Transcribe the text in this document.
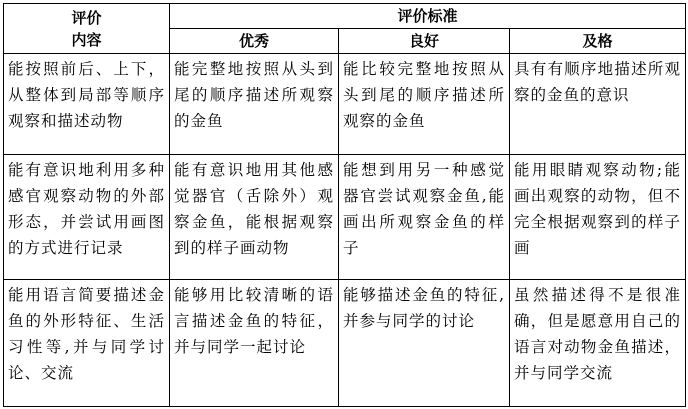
评价
内容	评价标准		
	优秀	良好	及格
能按照前后、上下，从整体到局部等顺序观察和描述动物	能完整地按照从头到尾的顺序描述所观察的金鱼	能比较完整地按照从头到尾的顺序描述所观察的金鱼	具有有顺序地描述所观察的金鱼的意识
能有意识地利用多种感官观察动物的外部形态，并尝试用画图的方式进行记录	能有意识地用其他感觉器官（舌除外）观察金鱼，能根据观察到的样子画动物	能想到用另一种感觉器官尝试观察金鱼,能画出所观察金鱼的样子	能用眼睛观察动物;能画出观察的动物，但不完全根据观察到的样子画
能用语言简要描述金鱼的外形特征、生活习性等,并与同学讨论、交流	能够用比较清晰的语言描述金鱼的特征，并与同学一起讨论	能够描述金鱼的特征,并参与同学的讨论	虽然描述得不是很准确，但是愿意用自己的语言对动物金鱼描述，并与同学交流
